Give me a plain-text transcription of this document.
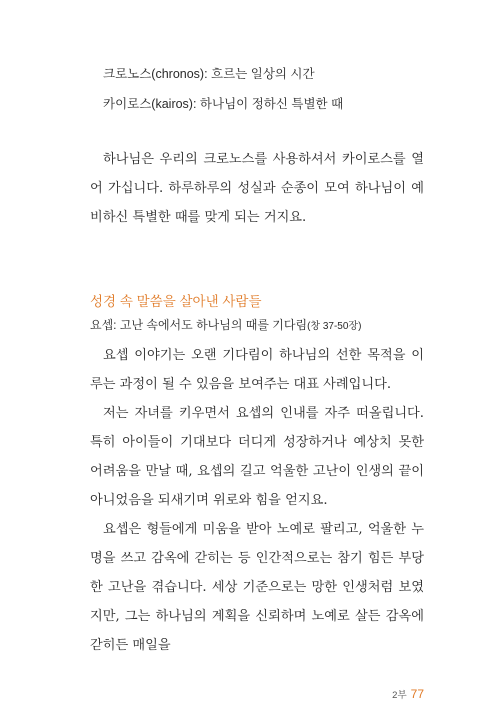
크로노스(chronos): 흐르는 일상의 시간
카이로스(kairos): 하나님이 정하신 특별한 때

하나님은 우리의 크로노스를 사용하셔서 카이로스를 열어 가십니다. 하루하루의 성실과 순종이 모여 하나님이 예비하신 특별한 때를 맞게 되는 거지요.

성경 속 말씀을 살아낸 사람들
요셉: 고난 속에서도 하나님의 때를 기다림(창 37-50장)

요셉 이야기는 오랜 기다림이 하나님의 선한 목적을 이루는 과정이 될 수 있음을 보여주는 대표 사례입니다.

저는 자녀를 키우면서 요셉의 인내를 자주 떠올립니다. 특히 아이들이 기대보다 더디게 성장하거나 예상치 못한 어려움을 만날 때, 요셉의 길고 억울한 고난이 인생의 끝이 아니었음을 되새기며 위로와 힘을 얻지요.

요셉은 형들에게 미움을 받아 노예로 팔리고, 억울한 누명을 쓰고 감옥에 갇히는 등 인간적으로는 참기 힘든 부당한 고난을 겪습니다. 세상 기준으로는 망한 인생처럼 보였지만, 그는 하나님의 계획을 신뢰하며 노예로 살든 감옥에 갇히든 매일을

2부 77
